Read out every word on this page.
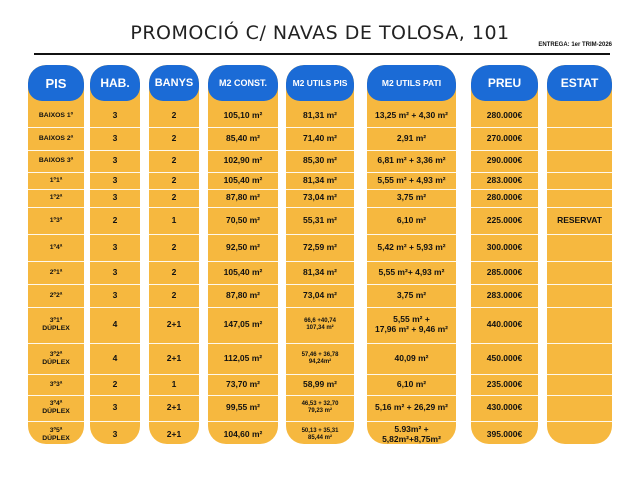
PROMOCIÓ C/ NAVAS DE TOLOSA, 101
ENTREGA: 1er TRIM-2026
PIS
BAIXOS 1º
BAIXOS 2ª
BAIXOS 3ª
1º1ª
1º2ª
1º3ª
1º4ª
2º1ª
2º2ª
3º1ª
DÚPLEX
3º2ª
DÚPLEX
3º3ª
3º4ª
DÚPLEX
3º5ª
DÚPLEX
HAB.
3
3
3
3
3
2
3
3
3
4
4
2
3
3
BANYS
2
2
2
2
2
1
2
2
2
2+1
2+1
1
2+1
2+1
M2 CONST.
105,10 m²
85,40 m²
102,90 m²
105,40 m²
87,80 m²
70,50 m²
92,50 m²
105,40 m²
87,80 m²
147,05 m²
112,05 m²
73,70 m²
99,55 m²
104,60 m²
M2 UTILS PIS
81,31 m²
71,40 m²
85,30 m²
81,34 m²
73,04 m²
55,31 m²
72,59 m²
81,34 m²
73,04 m²
66,6 +40,74
107,34 m²
57,46 + 36,78
94,24m²
58,99 m²
46,53 + 32,70
79,23 m²
50,13 + 35,31
85,44 m²
M2 UTILS PATI
13,25 m² + 4,30 m²
2,91 m²
6,81 m² + 3,36 m²
5,55 m² + 4,93 m²
3,75 m²
6,10 m²
5,42 m² + 5,93 m²
5,55 m²+ 4,93 m²
3,75 m²
5,55 m² +
17,96 m² + 9,46 m²
40,09 m²
6,10 m²
5,16 m² + 26,29 m²
5.93m² +
5,82m²+8,75m²
PREU
280.000€
270.000€
290.000€
283.000€
280.000€
225.000€
300.000€
285.000€
283.000€
440.000€
450.000€
235.000€
430.000€
395.000€
ESTAT
RESERVAT
